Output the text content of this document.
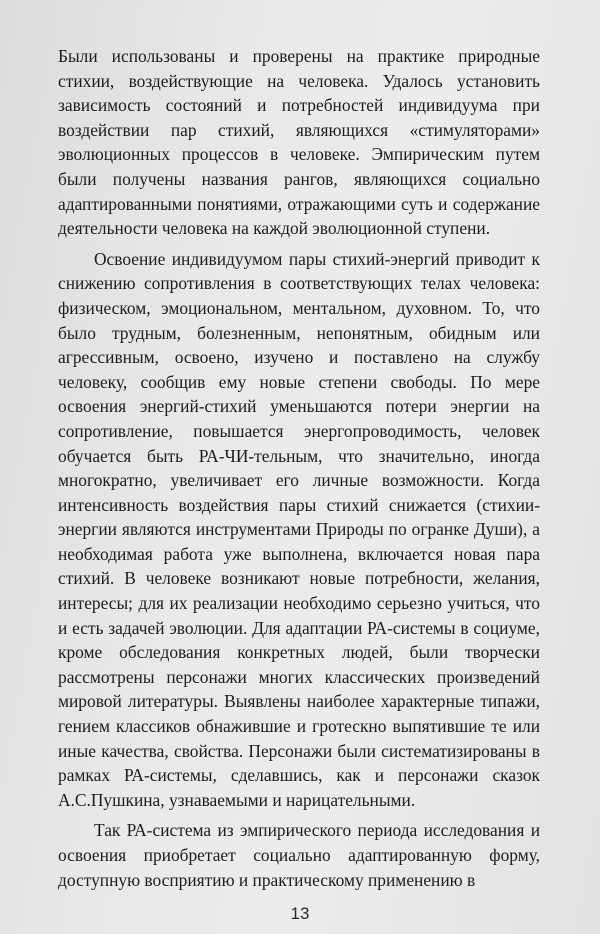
Были использованы и проверены на практике природные стихии, воздействующие на человека. Удалось установить зависимость состояний и потребностей индивидуума при воздействии пар стихий, являющихся «стимуляторами» эволюционных процессов в человеке. Эмпирическим путем были получены названия рангов, являющихся социально адаптированными понятиями, отражающими суть и содержание деятельности человека на каждой эволюционной ступени.

Освоение индивидуумом пары стихий-энергий приводит к снижению сопротивления в соответствующих телах человека: физическом, эмоциональном, ментальном, духовном. То, что было трудным, болезненным, непонятным, обидным или агрессивным, освоено, изучено и поставлено на службу человеку, сообщив ему новые степени свободы. По мере освоения энергий-стихий уменьшаются потери энергии на сопротивление, повышается энергопроводимость, человек обучается быть РА-ЧИ-тельным, что значительно, иногда многократно, увеличивает его личные возможности. Когда интенсивность воздействия пары стихий снижается (стихии-энергии являются инструментами Природы по огранке Души), а необходимая работа уже выполнена, включается новая пара стихий. В человеке возникают новые потребности, желания, интересы; для их реализации необходимо серьезно учиться, что и есть задачей эволюции. Для адаптации РА-системы в социуме, кроме обследования конкретных людей, были творчески рассмотрены персонажи многих классических произведений мировой литературы. Выявлены наиболее характерные типажи, гением классиков обнажившие и гротескно выпятившие те или иные качества, свойства. Персонажи были систематизированы в рамках РА-системы, сделавшись, как и персонажи сказок А.С.Пушкина, узнаваемыми и нарицательными.

Так РА-система из эмпирического периода исследования и освоения приобретает социально адаптированную форму, доступную восприятию и практическому применению в

13
